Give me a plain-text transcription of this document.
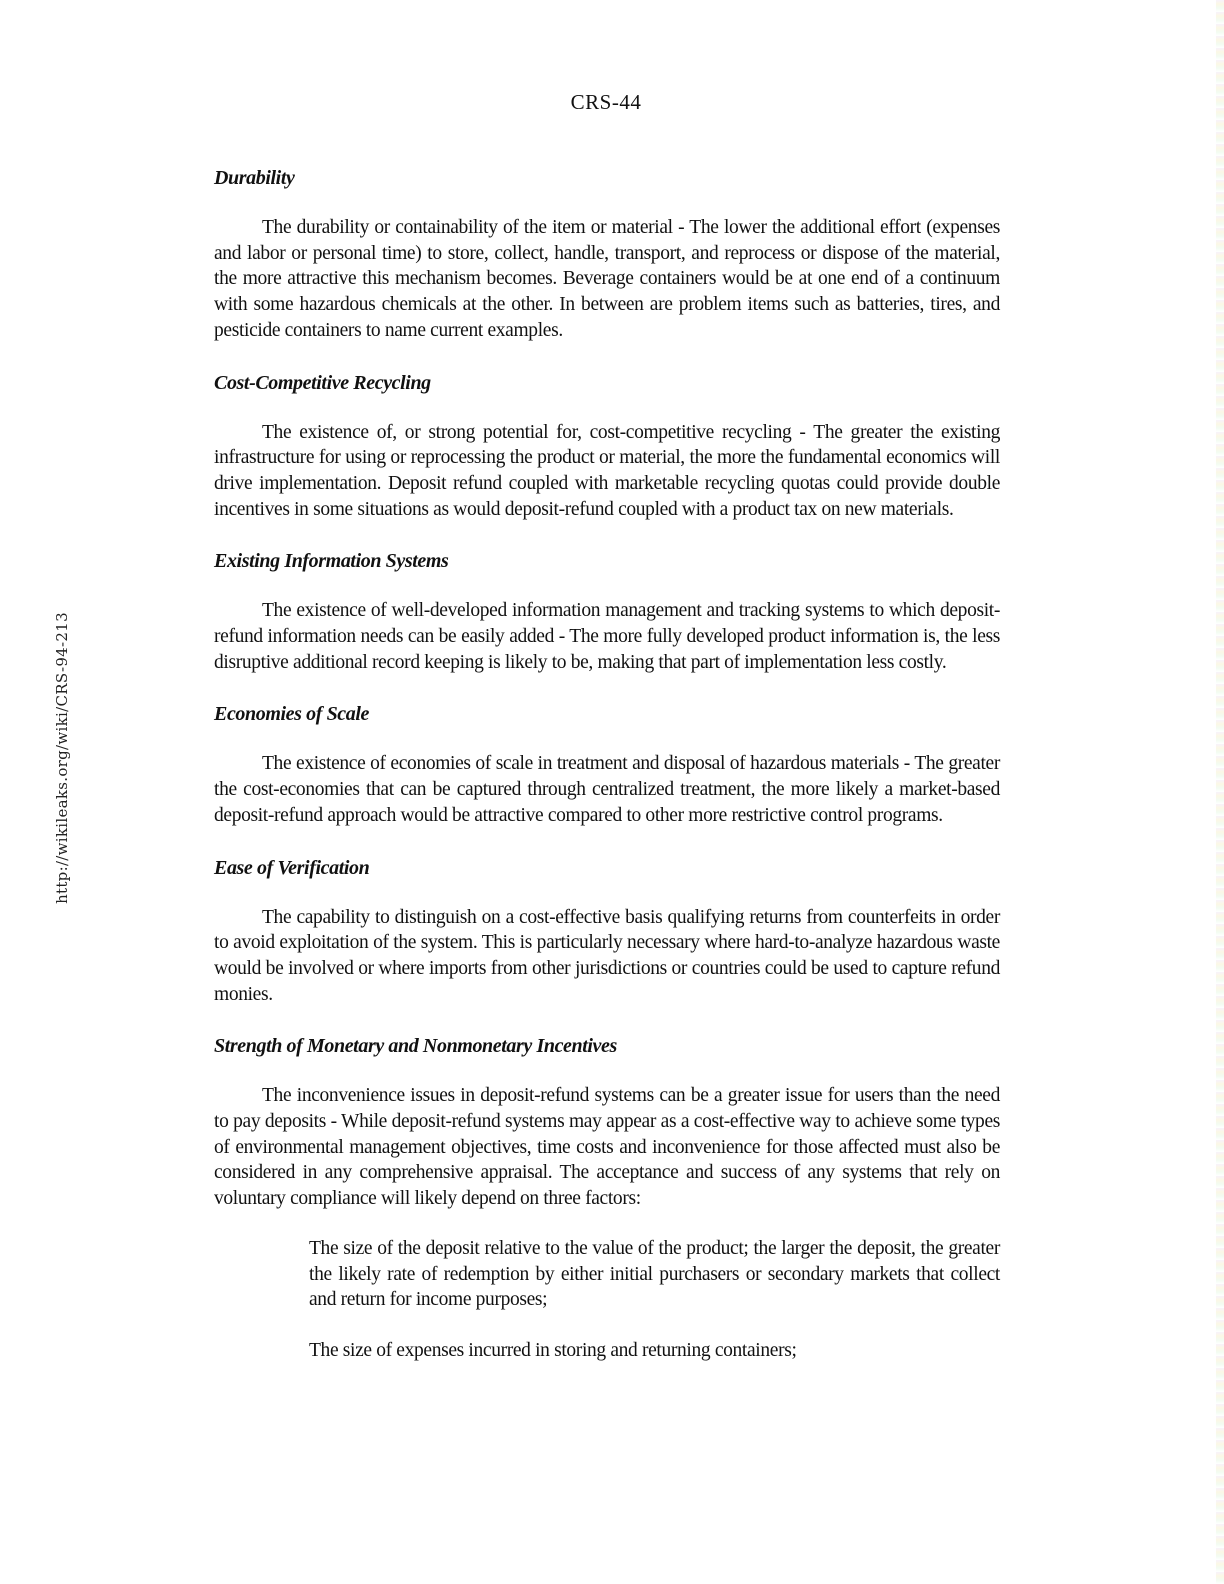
http://wikileaks.org/wiki/CRS-94-213
CRS-44
Durability

The durability or containability of the item or material - The lower the additional effort (expenses and labor or personal time) to store, collect, handle, transport, and reprocess or dispose of the material, the more attractive this mechanism becomes. Beverage containers would be at one end of a continuum with some hazardous chemicals at the other. In between are problem items such as batteries, tires, and pesticide containers to name current examples.

Cost-Competitive Recycling

The existence of, or strong potential for, cost-competitive recycling - The greater the existing infrastructure for using or reprocessing the product or material, the more the fundamental economics will drive implementation. Deposit refund coupled with marketable recycling quotas could provide double incentives in some situations as would deposit-refund coupled with a product tax on new materials.

Existing Information Systems

The existence of well-developed information management and tracking systems to which deposit-refund information needs can be easily added - The more fully developed product information is, the less disruptive additional record keeping is likely to be, making that part of implementation less costly.

Economies of Scale

The existence of economies of scale in treatment and disposal of hazardous materials - The greater the cost-economies that can be captured through centralized treatment, the more likely a market-based deposit-refund approach would be attractive compared to other more restrictive control programs.

Ease of Verification

The capability to distinguish on a cost-effective basis qualifying returns from counterfeits in order to avoid exploitation of the system. This is particularly necessary where hard-to-analyze hazardous waste would be involved or where imports from other jurisdictions or countries could be used to capture refund monies.

Strength of Monetary and Nonmonetary Incentives

The inconvenience issues in deposit-refund systems can be a greater issue for users than the need to pay deposits - While deposit-refund systems may appear as a cost-effective way to achieve some types of environmental management objectives, time costs and inconvenience for those affected must also be considered in any comprehensive appraisal. The acceptance and success of any systems that rely on voluntary compliance will likely depend on three factors:

The size of the deposit relative to the value of the product; the larger the deposit, the greater the likely rate of redemption by either initial purchasers or secondary markets that collect and return for income purposes;

The size of expenses incurred in storing and returning containers;
